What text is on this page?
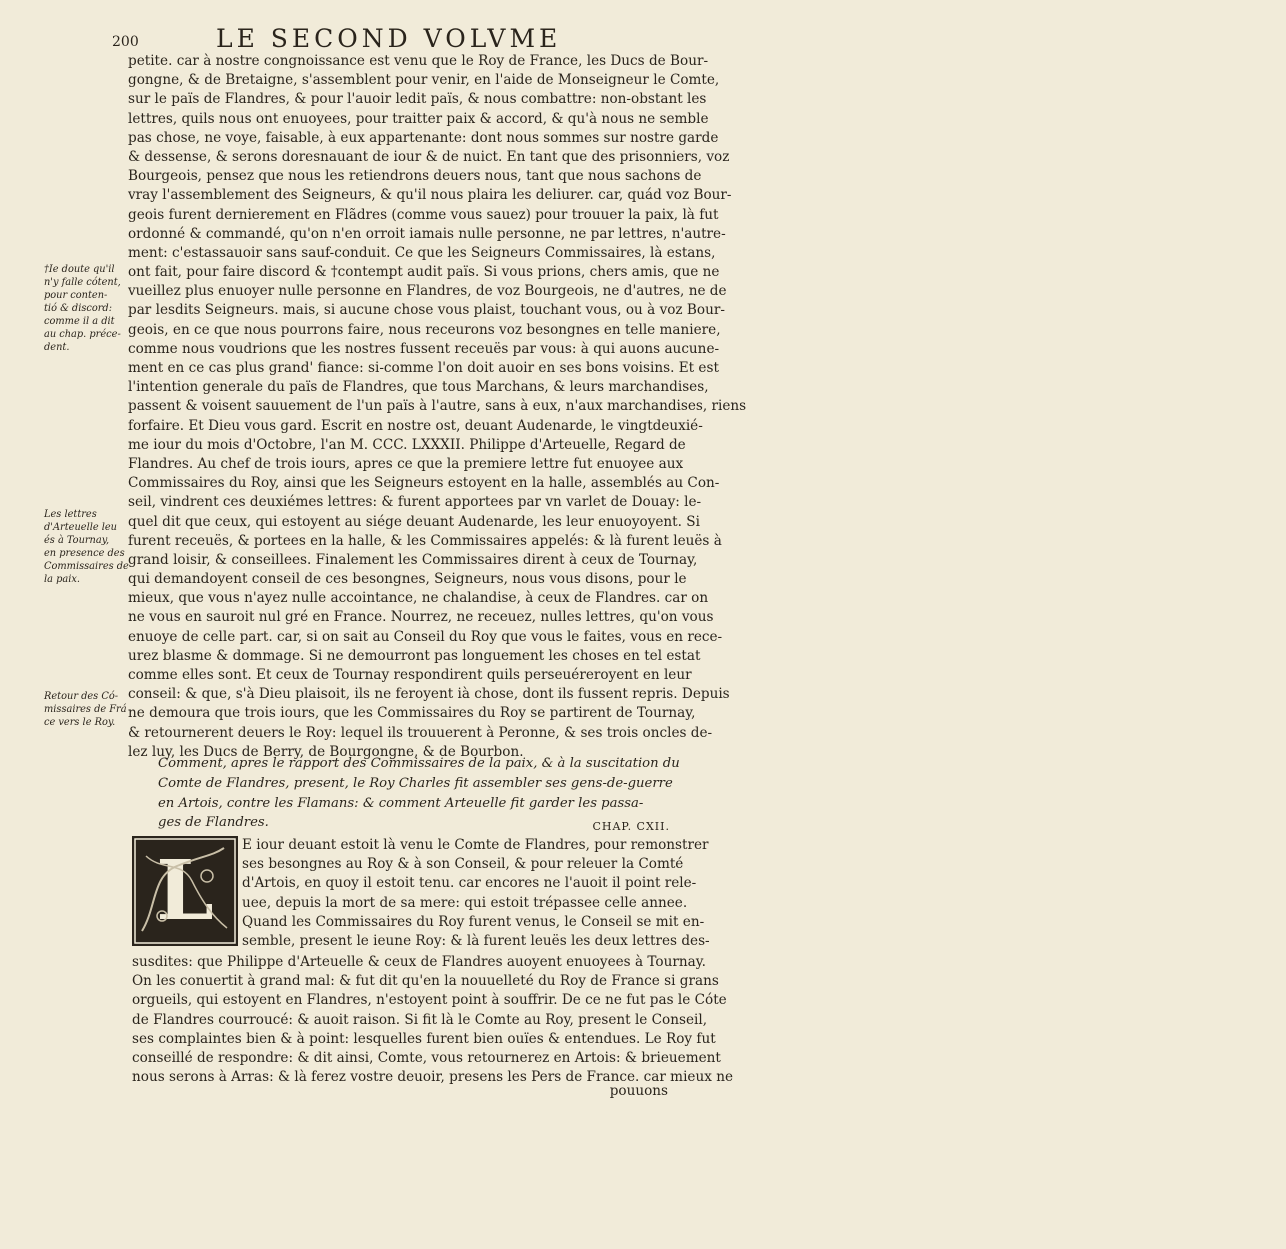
200	LE SECOND VOLVME
†Ie doute qu'il
n'y falle cótent,
pour conten-
tió & discord:
comme il a dit
au chap. préce-
dent.
Les lettres
d'Arteuelle leu
és à Tournay,
en presence des
Commissaires de
la paix.
Retour des Có-
missaires de Frá
ce vers le Roy.
petite. car à nostre congnoissance est venu que le Roy de France, les Ducs de Bour-
gongne, & de Bretaigne, s'assemblent pour venir, en l'aide de Monseigneur le Comte,
sur le païs de Flandres, & pour l'auoir ledit païs, & nous combattre: non-obstant les
lettres, quils nous ont enuoyees, pour traitter paix & accord, & qu'à nous ne semble
pas chose, ne voye, faisable, à eux appartenante: dont nous sommes sur nostre garde
& dessense, & serons doresnauant de iour & de nuict. En tant que des prisonniers, voz
Bourgeois, pensez que nous les retiendrons deuers nous, tant que nous sachons de
vray l'assemblement des Seigneurs, & qu'il nous plaira les deliurer. car, quád voz Bour-
geois furent dernierement en Flãdres (comme vous sauez) pour trouuer la paix, là fut
ordonné & commandé, qu'on n'en orroit iamais nulle personne, ne par lettres, n'autre-
ment: c'estassauoir sans sauf-conduit. Ce que les Seigneurs Commissaires, là estans,
ont fait, pour faire discord & †contempt audit païs. Si vous prions, chers amis, que ne
vueillez plus enuoyer nulle personne en Flandres, de voz Bourgeois, ne d'autres, ne de
par lesdits Seigneurs. mais, si aucune chose vous plaist, touchant vous, ou à voz Bour-
geois, en ce que nous pourrons faire, nous receurons voz besongnes en telle maniere,
comme nous voudrions que les nostres fussent receuës par vous: à qui auons aucune-
ment en ce cas plus grand' fiance: si-comme l'on doit auoir en ses bons voisins. Et est
l'intention generale du païs de Flandres, que tous Marchans, & leurs marchandises,
passent & voisent sauuement de l'un païs à l'autre, sans à eux, n'aux marchandises, riens
forfaire. Et Dieu vous gard. Escrit en nostre ost, deuant Audenarde, le vingtdeuxié-
me iour du mois d'Octobre, l'an M. CCC. LXXXII. Philippe d'Arteuelle, Regard de
Flandres. Au chef de trois iours, apres ce que la premiere lettre fut enuoyee aux
Commissaires du Roy, ainsi que les Seigneurs estoyent en la halle, assemblés au Con-
seil, vindrent ces deuxiémes lettres: & furent apportees par vn varlet de Douay: le-
quel dit que ceux, qui estoyent au siége deuant Audenarde, les leur enuoyoyent. Si
furent receuës, & portees en la halle, & les Commissaires appelés: & là furent leuës à
grand loisir, & conseillees. Finalement les Commissaires dirent à ceux de Tournay,
qui demandoyent conseil de ces besongnes, Seigneurs, nous vous disons, pour le
mieux, que vous n'ayez nulle accointance, ne chalandise, à ceux de Flandres. car on
ne vous en sauroit nul gré en France. Nourrez, ne receuez, nulles lettres, qu'on vous
enuoye de celle part. car, si on sait au Conseil du Roy que vous le faites, vous en rece-
urez blasme & dommage. Si ne demourront pas longuement les choses en tel estat
comme elles sont. Et ceux de Tournay respondirent quils perseuéreroyent en leur
conseil: & que, s'à Dieu plaisoit, ils ne feroyent ià chose, dont ils fussent repris. Depuis
ne demoura que trois iours, que les Commissaires du Roy se partirent de Tournay,
& retournerent deuers le Roy: lequel ils trouuerent à Peronne, & ses trois oncles de-
lez luy, les Ducs de Berry, de Bourgongne, & de Bourbon.
Comment, apres le rapport des Commissaires de la paix, & à la suscitation du
Comte de Flandres, present, le Roy Charles fit assembler ses gens-de-guerre
en Artois, contre les Flamans: & comment Arteuelle fit garder les passa-
ges de Flandres.	CHAP. CXII.
L E iour deuant estoit là venu le Comte de Flandres, pour remonstrer
ses besongnes au Roy & à son Conseil, & pour releuer la Comté
d'Artois, en quoy il estoit tenu. car encores ne l'auoit il point rele-
uee, depuis la mort de sa mere: qui estoit trépassee celle annee.
Quand les Commissaires du Roy furent venus, le Conseil se mit en-
semble, present le ieune Roy: & là furent leuës les deux lettres des-
susdites: que Philippe d'Arteuelle & ceux de Flandres auoyent enuoyees à Tournay.
On les conuertit à grand mal: & fut dit qu'en la nouuelleté du Roy de France si grans
orgueils, qui estoyent en Flandres, n'estoyent point à souffrir. De ce ne fut pas le Cóte
de Flandres courroucé: & auoit raison. Si fit là le Comte au Roy, present le Conseil,
ses complaintes bien & à point: lesquelles furent bien ouïes & entendues. Le Roy fut
conseillé de respondre: & dit ainsi, Comte, vous retournerez en Artois: & brieuement
nous serons à Arras: & là ferez vostre deuoir, presens les Pers de France. car mieux ne
pouuons
